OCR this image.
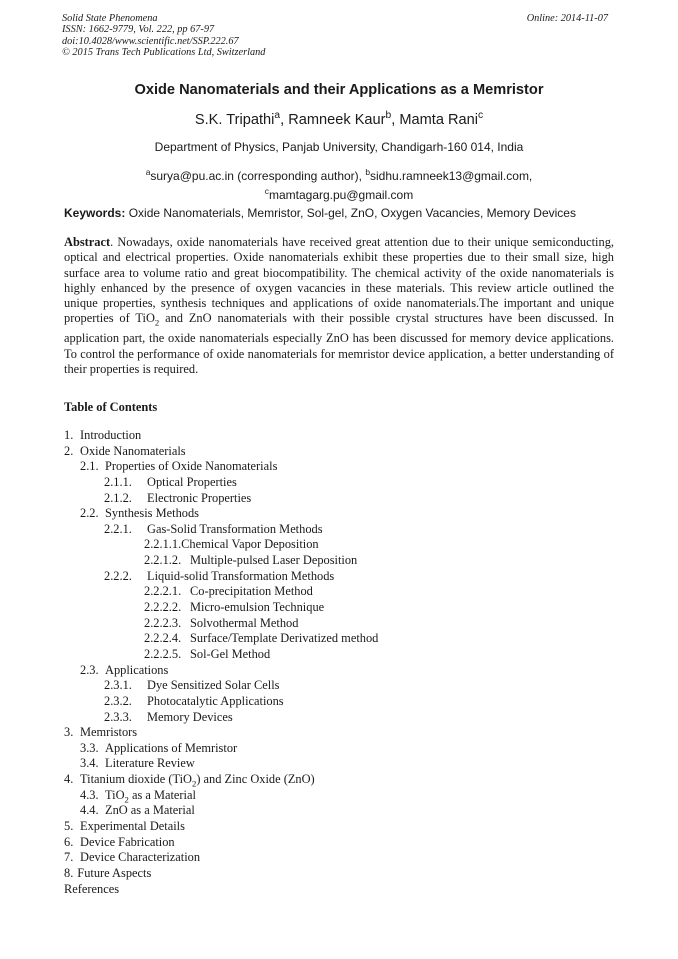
Solid State Phenomena
ISSN: 1662-9779, Vol. 222, pp 67-97
doi:10.4028/www.scientific.net/SSP.222.67
© 2015 Trans Tech Publications Ltd, Switzerland
Online: 2014-11-07
Oxide Nanomaterials and their Applications as a Memristor
S.K. Tripathi$^a$, Ramneek Kaur$^b$, Mamta Rani$^c$
Department of Physics, Panjab University, Chandigarh-160 014, India
$^a$surya@pu.ac.in (corresponding author), $^b$sidhu.ramneek13@gmail.com,
$^c$mamtagarg.pu@gmail.com
Keywords: Oxide Nanomaterials, Memristor, Sol-gel, ZnO, Oxygen Vacancies, Memory Devices

Abstract. Nowadays, oxide nanomaterials have received great attention due to their unique semiconducting, optical and electrical properties. Oxide nanomaterials exhibit these properties due to their small size, high surface area to volume ratio and great biocompatibility. The chemical activity of the oxide nanomaterials is highly enhanced by the presence of oxygen vacancies in these materials. This review article outlined the unique properties, synthesis techniques and applications of oxide nanomaterials.The important and unique properties of TiO$_2$ and ZnO nanomaterials with their possible crystal structures have been discussed. In application part, the oxide nanomaterials especially ZnO has been discussed for memory device applications. To control the performance of oxide nanomaterials for memristor device application, a better understanding of their properties is required.

Table of Contents
1. Introduction
2. Oxide Nanomaterials
2.1. Properties of Oxide Nanomaterials
2.1.1. Optical Properties
2.1.2. Electronic Properties
2.2. Synthesis Methods
2.2.1. Gas-Solid Transformation Methods
2.2.1.1.Chemical Vapor Deposition
2.2.1.2. Multiple-pulsed Laser Deposition
2.2.2. Liquid-solid Transformation Methods
2.2.2.1. Co-precipitation Method
2.2.2.2. Micro-emulsion Technique
2.2.2.3. Solvothermal Method
2.2.2.4. Surface/Template Derivatized method
2.2.2.5. Sol-Gel Method
2.3. Applications
2.3.1. Dye Sensitized Solar Cells
2.3.2. Photocatalytic Applications
2.3.3. Memory Devices
3. Memristors
3.3. Applications of Memristor
3.4. Literature Review
4. Titanium dioxide (TiO$_2$) and Zinc Oxide (ZnO)
4.3. TiO$_2$ as a Material
4.4. ZnO as a Material
5. Experimental Details
6. Device Fabrication
7. Device Characterization
8. Future Aspects
References
